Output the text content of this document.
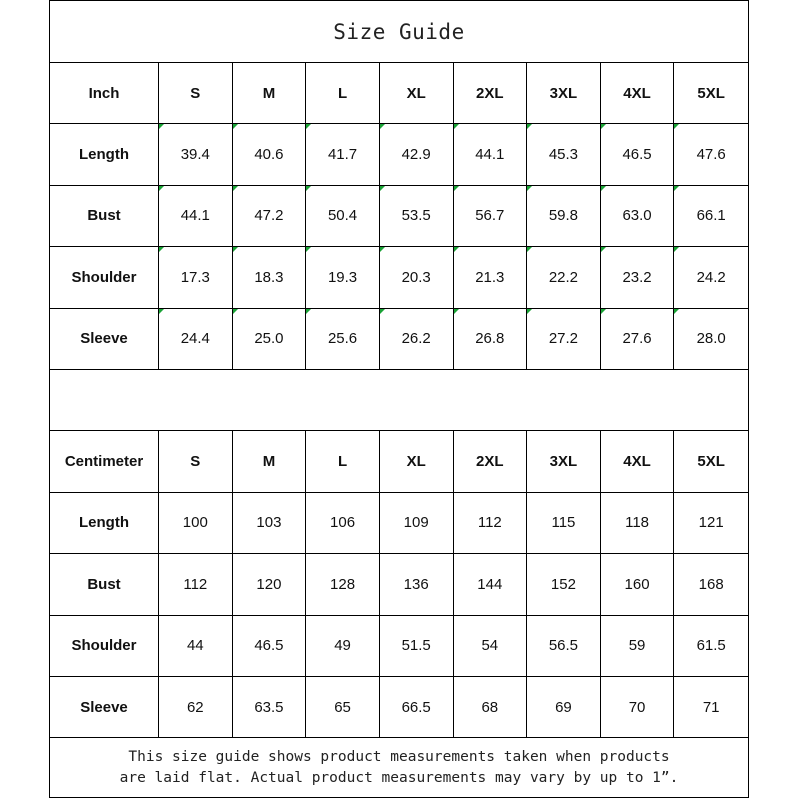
Size Guide
Inch	S	M	L	XL	2XL	3XL	4XL	5XL
Length	39.4	40.6	41.7	42.9	44.1	45.3	46.5	47.6
Bust	44.1	47.2	50.4	53.5	56.7	59.8	63.0	66.1
Shoulder	17.3	18.3	19.3	20.3	21.3	22.2	23.2	24.2
Sleeve	24.4	25.0	25.6	26.2	26.8	27.2	27.6	28.0
Centimeter	S	M	L	XL	2XL	3XL	4XL	5XL
Length	100	103	106	109	112	115	118	121
Bust	112	120	128	136	144	152	160	168
Shoulder	44	46.5	49	51.5	54	56.5	59	61.5
Sleeve	62	63.5	65	66.5	68	69	70	71
This size guide shows product measurements taken when products
are laid flat. Actual product measurements may vary by up to 1”.
